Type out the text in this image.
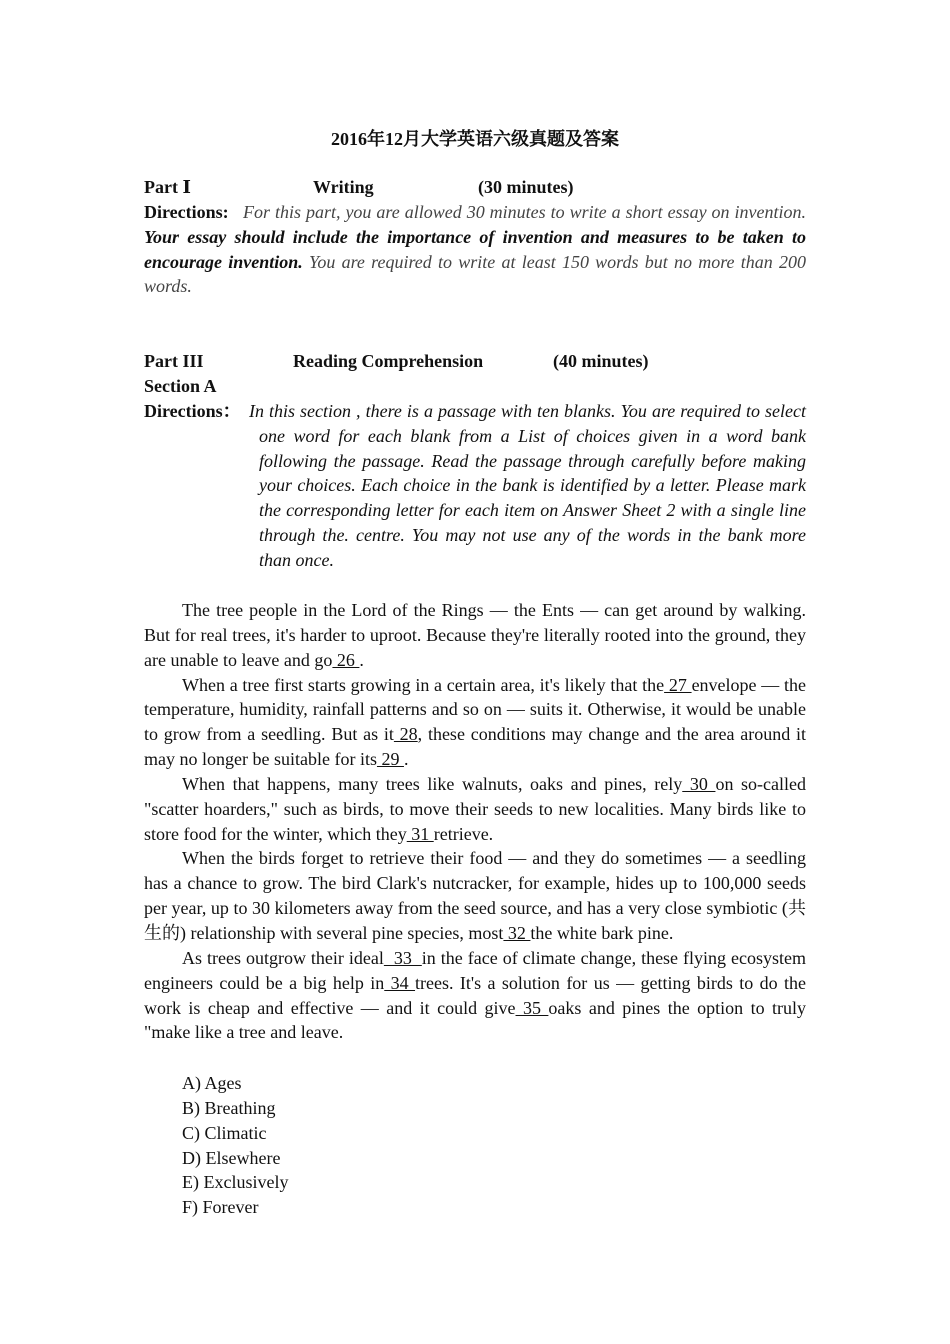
2016年12月大学英语六级真题及答案
Part Ⅰ	Writing	(30 minutes)
Directions: For this part, you are allowed 30 minutes to write a short essay on invention. Your essay should include the importance of invention and measures to be taken to encourage invention. You are required to write at least 150 words but no more than 200 words.
Part III	Reading Comprehension	(40 minutes)
Section A
Directions： In this section , there is a passage with ten blanks. You are required to select one word for each blank from a List of choices given in a word bank following the passage. Read the passage through carefully before making your choices. Each choice in the bank is identified by a letter. Please mark the corresponding letter for each item on Answer Sheet 2 with a single line through the. centre. You may not use any of the words in the bank more than once.

The tree people in the Lord of the Rings — the Ents — can get around by walking. But for real trees, it's harder to uproot. Because they're literally rooted into the ground, they are unable to leave and go 26 .

When a tree first starts growing in a certain area, it's likely that the 27 envelope — the temperature, humidity, rainfall patterns and so on — suits it. Otherwise, it would be unable to grow from a seedling. But as it 28, these conditions may change and the area around it may no longer be suitable for its 29 .

When that happens, many trees like walnuts, oaks and pines, rely 30 on so-called "scatter hoarders," such as birds, to move their seeds to new localities. Many birds like to store food for the winter, which they 31 retrieve.

When the birds forget to retrieve their food — and they do sometimes — a seedling has a chance to grow. The bird Clark's nutcracker, for example, hides up to 100,000 seeds per year, up to 30 kilometers away from the seed source, and has a very close symbiotic (共生的) relationship with several pine species, most 32 the white bark pine.

As trees outgrow their ideal  33  in the face of climate change, these flying ecosystem engineers could be a big help in 34 trees. It's a solution for us — getting birds to do the work is cheap and effective — and it could give 35 oaks and pines the option to truly "make like a tree and leave.

A) Ages
B) Breathing
C) Climatic
D) Elsewhere
E) Exclusively
F) Forever
